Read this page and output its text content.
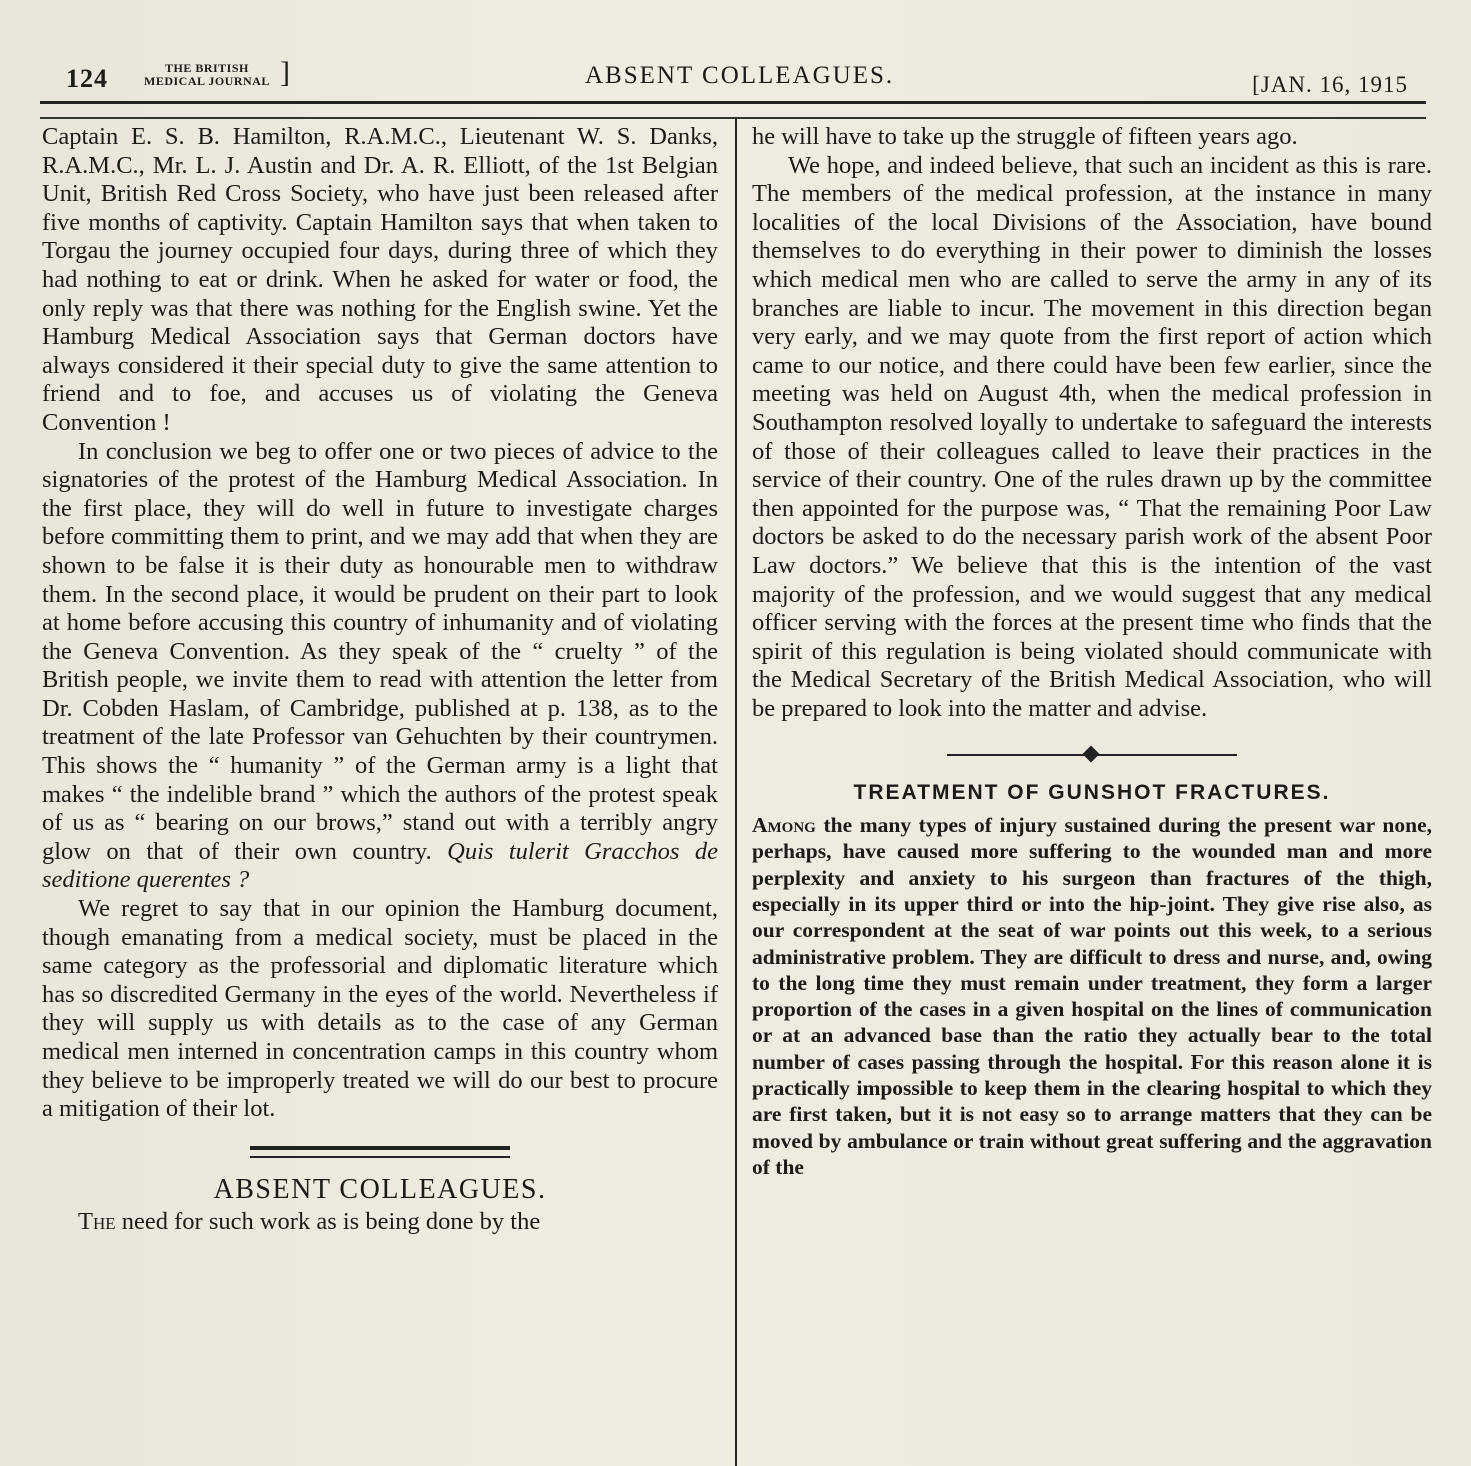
124	THE BRITISH
MEDICAL JOURNAL ]	ABSENT COLLEAGUES.	[JAN. 16, 1915

Captain E. S. B. Hamilton, R.A.M.C., Lieutenant W. S. Danks, R.A.M.C., Mr. L. J. Austin and Dr. A. R. Elliott, of the 1st Belgian Unit, British Red Cross Society, who have just been released after five months of captivity. Captain Hamilton says that when taken to Torgau the journey occupied four days, during three of which they had nothing to eat or drink. When he asked for water or food, the only reply was that there was nothing for the English swine. Yet the Hamburg Medical Association says that German doctors have always considered it their special duty to give the same attention to friend and to foe, and accuses us of violating the Geneva Convention !

In conclusion we beg to offer one or two pieces of advice to the signatories of the protest of the Hamburg Medical Association. In the first place, they will do well in future to investigate charges before committing them to print, and we may add that when they are shown to be false it is their duty as honourable men to withdraw them. In the second place, it would be prudent on their part to look at home before accusing this country of inhumanity and of violating the Geneva Convention. As they speak of the “ cruelty ” of the British people, we invite them to read with attention the letter from Dr. Cobden Haslam, of Cambridge, published at p. 138, as to the treatment of the late Professor van Gehuchten by their countrymen. This shows the “ humanity ” of the German army is a light that makes “ the indelible brand ” which the authors of the protest speak of us as “ bearing on our brows,” stand out with a terribly angry glow on that of their own country. Quis tulerit Gracchos de seditione querentes ?

We regret to say that in our opinion the Hamburg document, though emanating from a medical society, must be placed in the same category as the professorial and diplomatic literature which has so discredited Germany in the eyes of the world. Nevertheless if they will supply us with details as to the case of any German medical men interned in concentration camps in this country whom they believe to be improperly treated we will do our best to procure a mitigation of their lot.

ABSENT COLLEAGUES.

The need for such work as is being done by the

he will have to take up the struggle of fifteen years ago.

We hope, and indeed believe, that such an incident as this is rare. The members of the medical profession, at the instance in many localities of the local Divisions of the Association, have bound themselves to do everything in their power to diminish the losses which medical men who are called to serve the army in any of its branches are liable to incur. The movement in this direction began very early, and we may quote from the first report of action which came to our notice, and there could have been few earlier, since the meeting was held on August 4th, when the medical profession in Southampton resolved loyally to undertake to safeguard the interests of those of their colleagues called to leave their practices in the service of their country. One of the rules drawn up by the committee then appointed for the purpose was, “ That the remaining Poor Law doctors be asked to do the necessary parish work of the absent Poor Law doctors.” We believe that this is the intention of the vast majority of the profession, and we would suggest that any medical officer serving with the forces at the present time who finds that the spirit of this regulation is being violated should communicate with the Medical Secretary of the British Medical Association, who will be prepared to look into the matter and advise.

TREATMENT OF GUNSHOT FRACTURES.

Among the many types of injury sustained during the present war none, perhaps, have caused more suffering to the wounded man and more perplexity and anxiety to his surgeon than fractures of the thigh, especially in its upper third or into the hip-joint. They give rise also, as our correspondent at the seat of war points out this week, to a serious administrative problem. They are difficult to dress and nurse, and, owing to the long time they must remain under treatment, they form a larger proportion of the cases in a given hospital on the lines of communication or at an advanced base than the ratio they actually bear to the total number of cases passing through the hospital. For this reason alone it is practically impossible to keep them in the clearing hospital to which they are first taken, but it is not easy so to arrange matters that they can be moved by ambulance or train without great suffering and the aggravation of the
